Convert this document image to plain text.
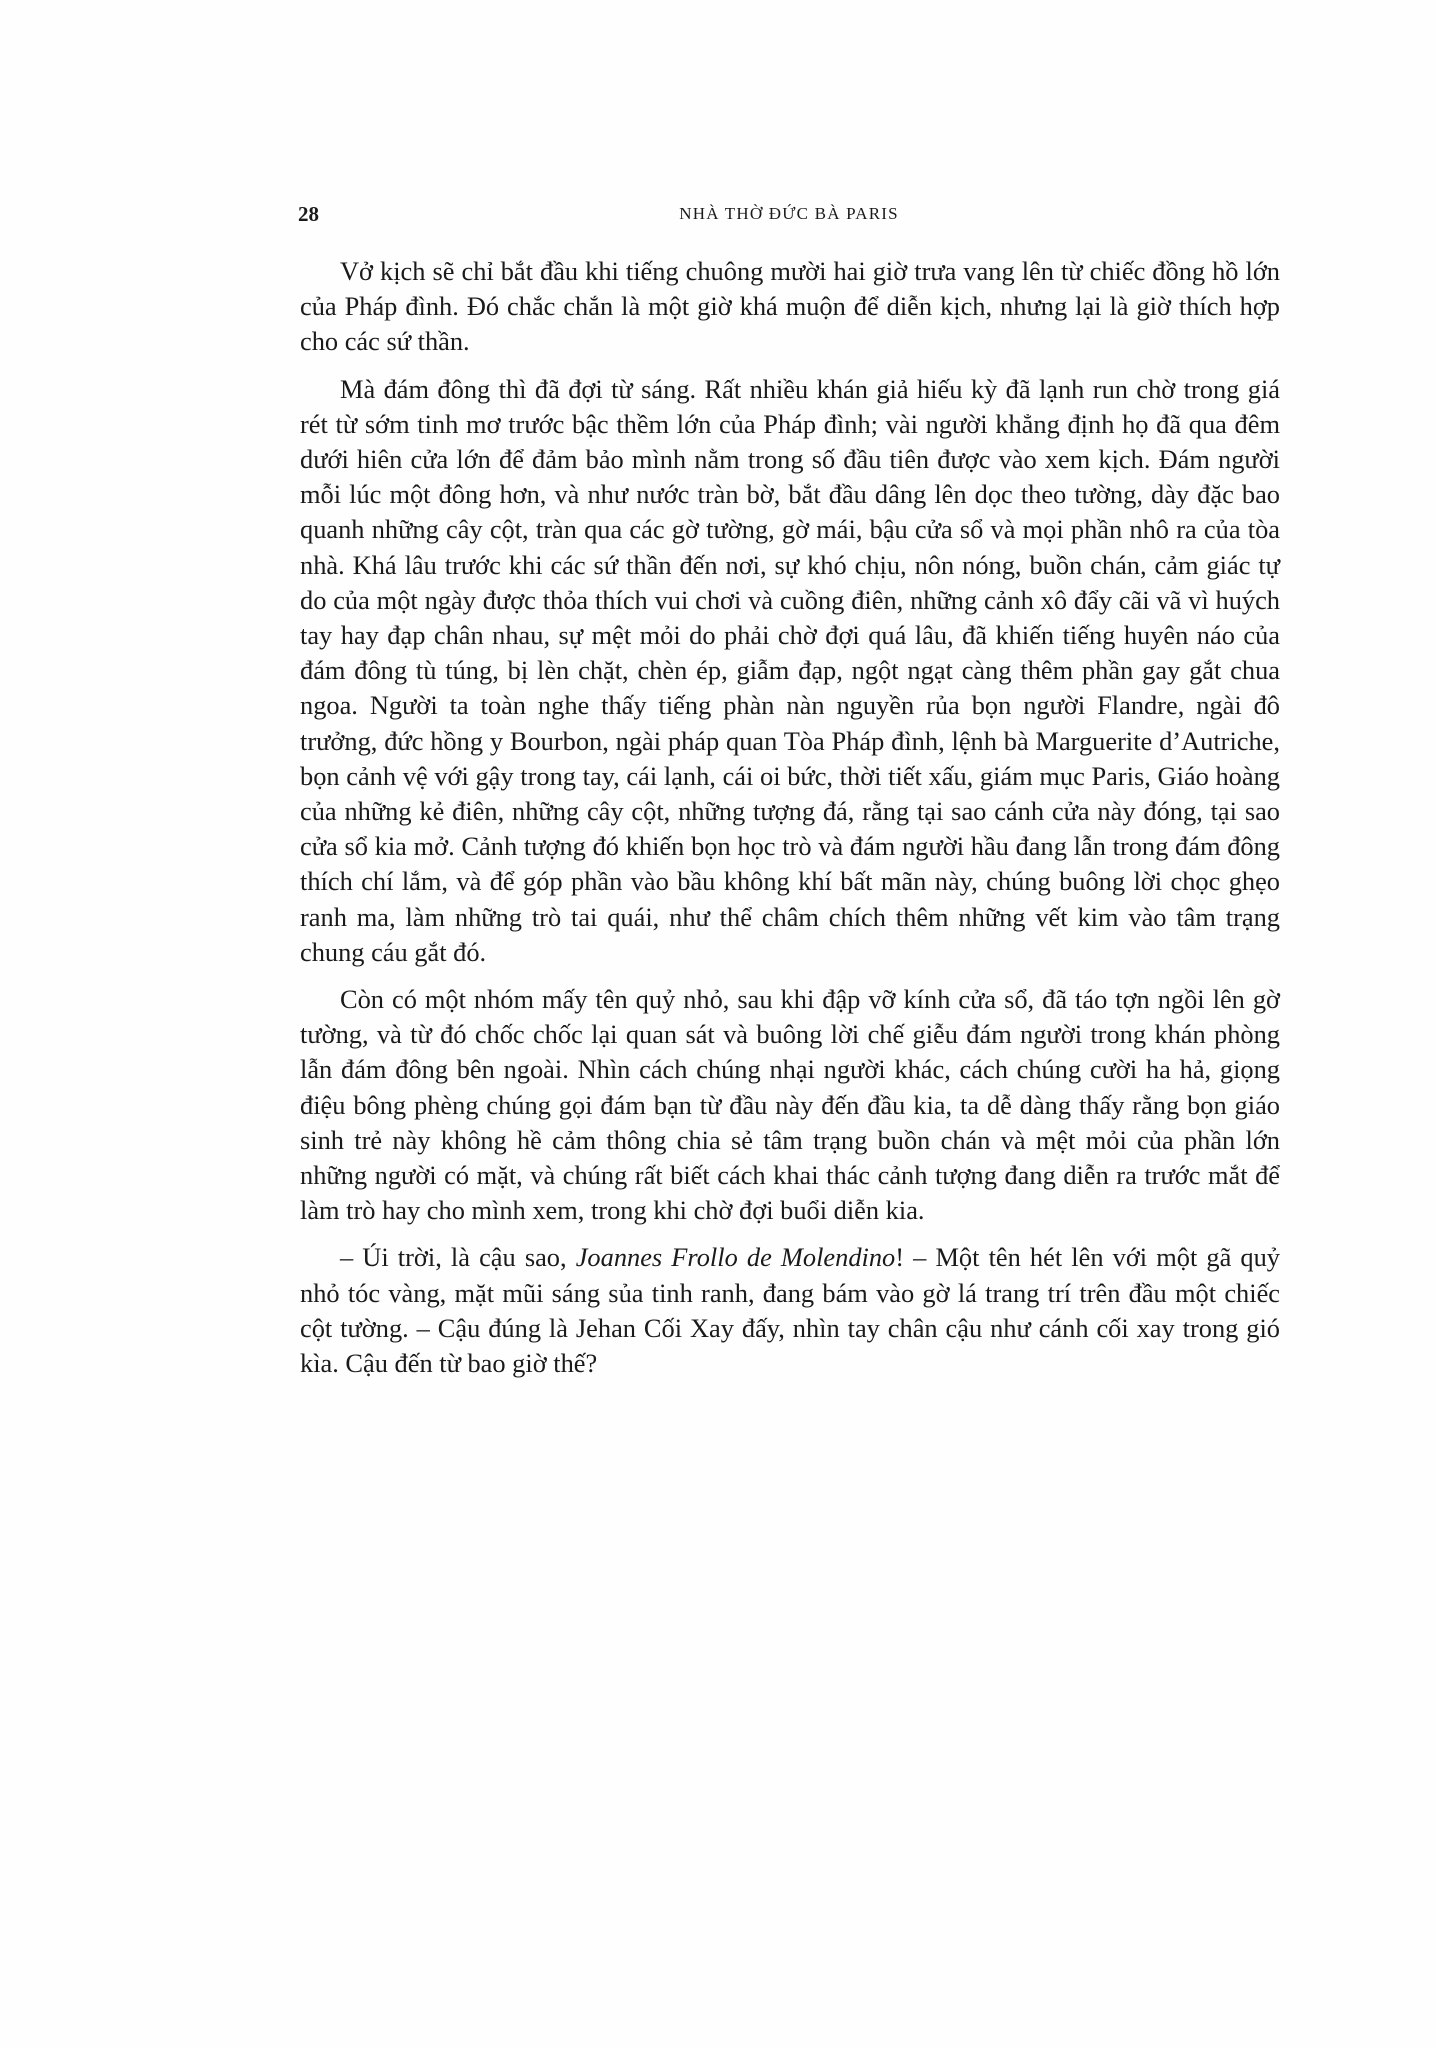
28	NHÀ THỜ ĐỨC BÀ PARIS

Vở kịch sẽ chỉ bắt đầu khi tiếng chuông mười hai giờ trưa vang lên từ chiếc đồng hồ lớn của Pháp đình. Đó chắc chắn là một giờ khá muộn để diễn kịch, nhưng lại là giờ thích hợp cho các sứ thần.

Mà đám đông thì đã đợi từ sáng. Rất nhiều khán giả hiếu kỳ đã lạnh run chờ trong giá rét từ sớm tinh mơ trước bậc thềm lớn của Pháp đình; vài người khẳng định họ đã qua đêm dưới hiên cửa lớn để đảm bảo mình nằm trong số đầu tiên được vào xem kịch. Đám người mỗi lúc một đông hơn, và như nước tràn bờ, bắt đầu dâng lên dọc theo tường, dày đặc bao quanh những cây cột, tràn qua các gờ tường, gờ mái, bậu cửa sổ và mọi phần nhô ra của tòa nhà. Khá lâu trước khi các sứ thần đến nơi, sự khó chịu, nôn nóng, buồn chán, cảm giác tự do của một ngày được thỏa thích vui chơi và cuồng điên, những cảnh xô đẩy cãi vã vì huých tay hay đạp chân nhau, sự mệt mỏi do phải chờ đợi quá lâu, đã khiến tiếng huyên náo của đám đông tù túng, bị lèn chặt, chèn ép, giẫm đạp, ngột ngạt càng thêm phần gay gắt chua ngoa. Người ta toàn nghe thấy tiếng phàn nàn nguyền rủa bọn người Flandre, ngài đô trưởng, đức hồng y Bourbon, ngài pháp quan Tòa Pháp đình, lệnh bà Marguerite d’Autriche, bọn cảnh vệ với gậy trong tay, cái lạnh, cái oi bức, thời tiết xấu, giám mục Paris, Giáo hoàng của những kẻ điên, những cây cột, những tượng đá, rằng tại sao cánh cửa này đóng, tại sao cửa sổ kia mở. Cảnh tượng đó khiến bọn học trò và đám người hầu đang lẫn trong đám đông thích chí lắm, và để góp phần vào bầu không khí bất mãn này, chúng buông lời chọc ghẹo ranh ma, làm những trò tai quái, như thể châm chích thêm những vết kim vào tâm trạng chung cáu gắt đó.

Còn có một nhóm mấy tên quỷ nhỏ, sau khi đập vỡ kính cửa sổ, đã táo tợn ngồi lên gờ tường, và từ đó chốc chốc lại quan sát và buông lời chế giễu đám người trong khán phòng lẫn đám đông bên ngoài. Nhìn cách chúng nhại người khác, cách chúng cười ha hả, giọng điệu bông phèng chúng gọi đám bạn từ đầu này đến đầu kia, ta dễ dàng thấy rằng bọn giáo sinh trẻ này không hề cảm thông chia sẻ tâm trạng buồn chán và mệt mỏi của phần lớn những người có mặt, và chúng rất biết cách khai thác cảnh tượng đang diễn ra trước mắt để làm trò hay cho mình xem, trong khi chờ đợi buổi diễn kia.

– Úi trời, là cậu sao, Joannes Frollo de Molendino! – Một tên hét lên với một gã quỷ nhỏ tóc vàng, mặt mũi sáng sủa tinh ranh, đang bám vào gờ lá trang trí trên đầu một chiếc cột tường. – Cậu đúng là Jehan Cối Xay đấy, nhìn tay chân cậu như cánh cối xay trong gió kìa. Cậu đến từ bao giờ thế?
